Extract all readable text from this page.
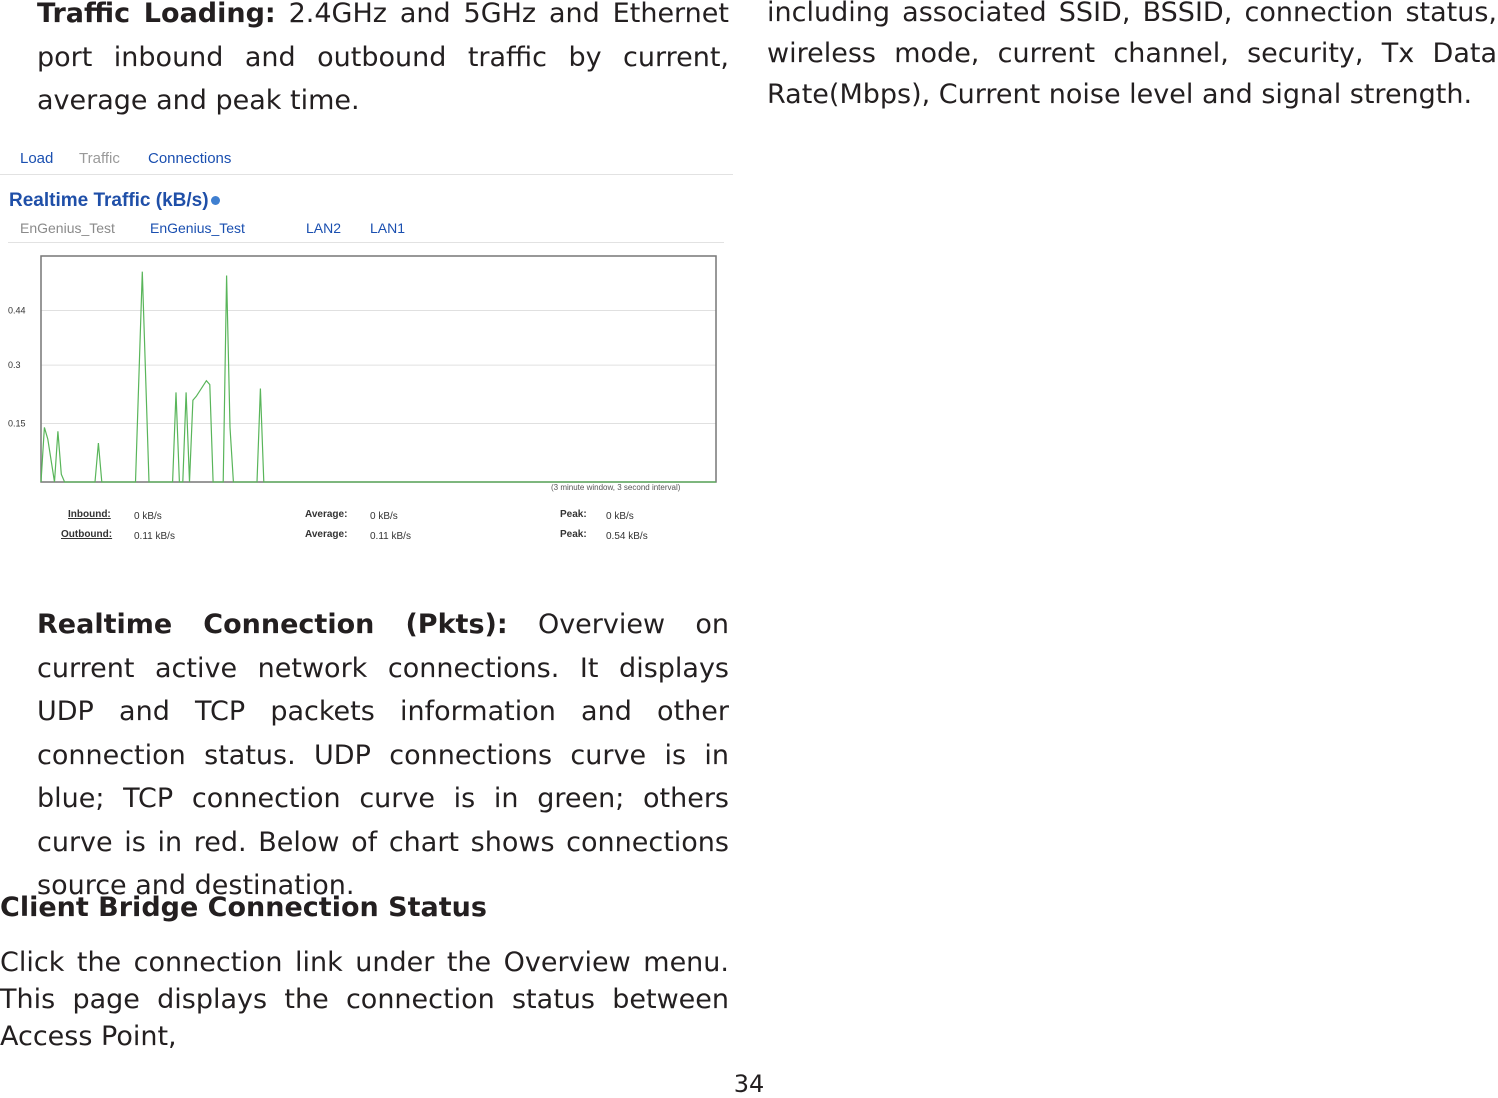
Traffic Loading: 2.4GHz and 5GHz and Ethernet port inbound and outbound traffic by current, average and peak time.

Load Traffic Connections
Realtime Traffic (kB/s)
EnGenius_Test	EnGenius_Test	LAN2 LAN1
0.44
0.3
0.15
(3 minute window, 3 second interval)
Inbound: 0 kB/s	Average: 0 kB/s	Peak: 0 kB/s
Outbound: 0.11 kB/s	Average: 0.11 kB/s	Peak: 0.54 kB/s

Realtime Connection (Pkts): Overview on current active network connections. It displays UDP and TCP packets information and other connection status. UDP connections curve is in blue; TCP connection curve is in green; others curve is in red. Below of chart shows connections source and destination.

Client Bridge Connection Status

Click the connection link under the Overview menu. This page displays the connection status between Access Point,

including associated SSID, BSSID, connection status, wireless mode, current channel, security, Tx Data Rate(Mbps), Current noise level and signal strength.

34
